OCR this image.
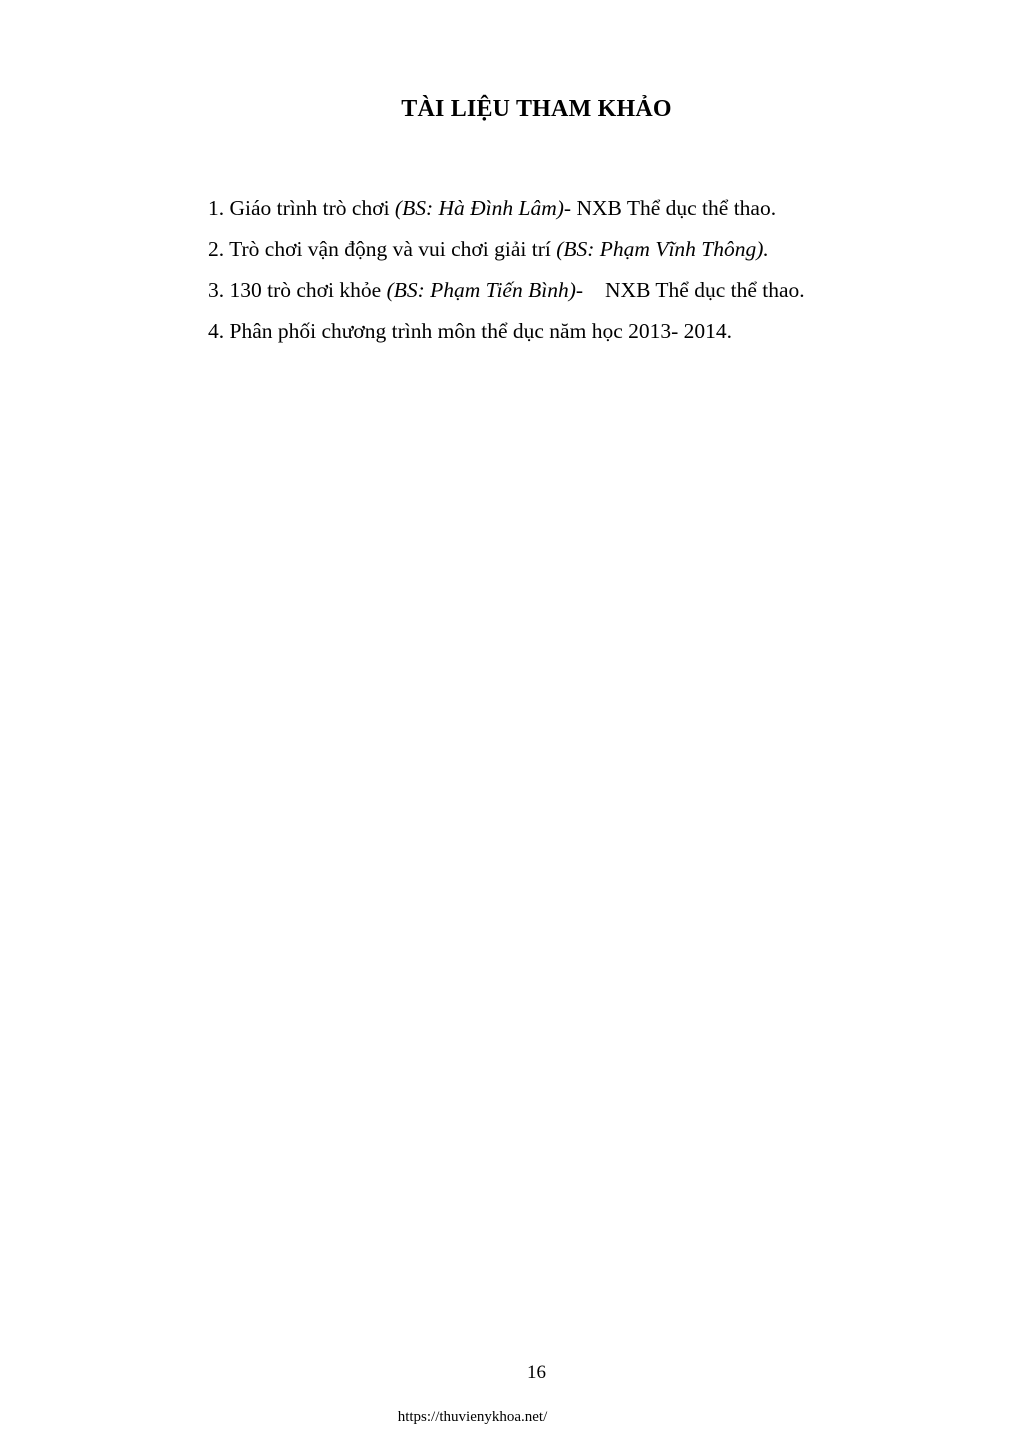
TÀI LIỆU THAM KHẢO
1. Giáo trình trò chơi (BS: Hà Đình Lâm)- NXB Thể dục thể thao.
2. Trò chơi vận động và vui chơi giải trí (BS: Phạm Vĩnh Thông).
3. 130 trò chơi khỏe (BS: Phạm Tiến Bình)- NXB Thể dục thể thao.
4. Phân phối chương trình môn thể dục năm học 2013- 2014.
16
https://thuvienykhoa.net/
